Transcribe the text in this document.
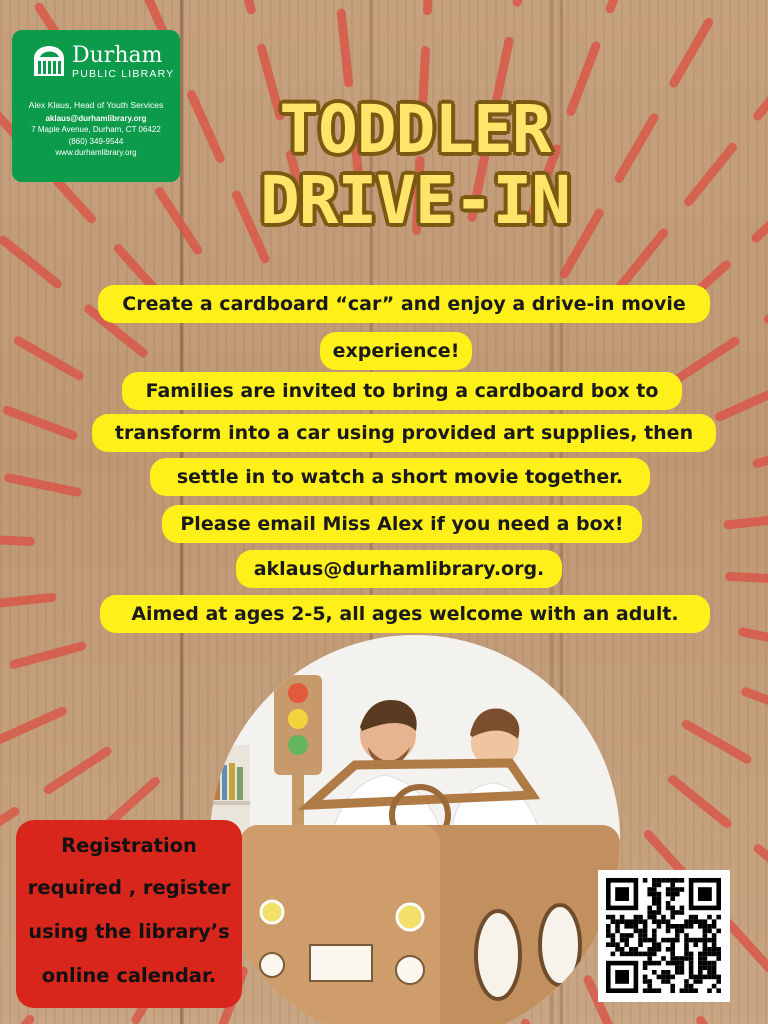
Durham
PUBLIC LIBRARY
Alex Klaus, Head of Youth Services
aklaus@durhamlibrary.org
7 Maple Avenue, Durham, CT 06422
(860) 349-9544
www.durhamlibrary.org	TODDLER
DRIVE-IN
Create a cardboard “car” and enjoy a drive-in movie
experience!
Families are invited to bring a cardboard box to
transform into a car using provided art supplies, then
settle in to watch a short movie together.
Please email Miss Alex if you need a box!
aklaus@durhamlibrary.org.
Aimed at ages 2-5, all ages welcome with an adult.
Registration
required , register
using the library’s
online calendar.
